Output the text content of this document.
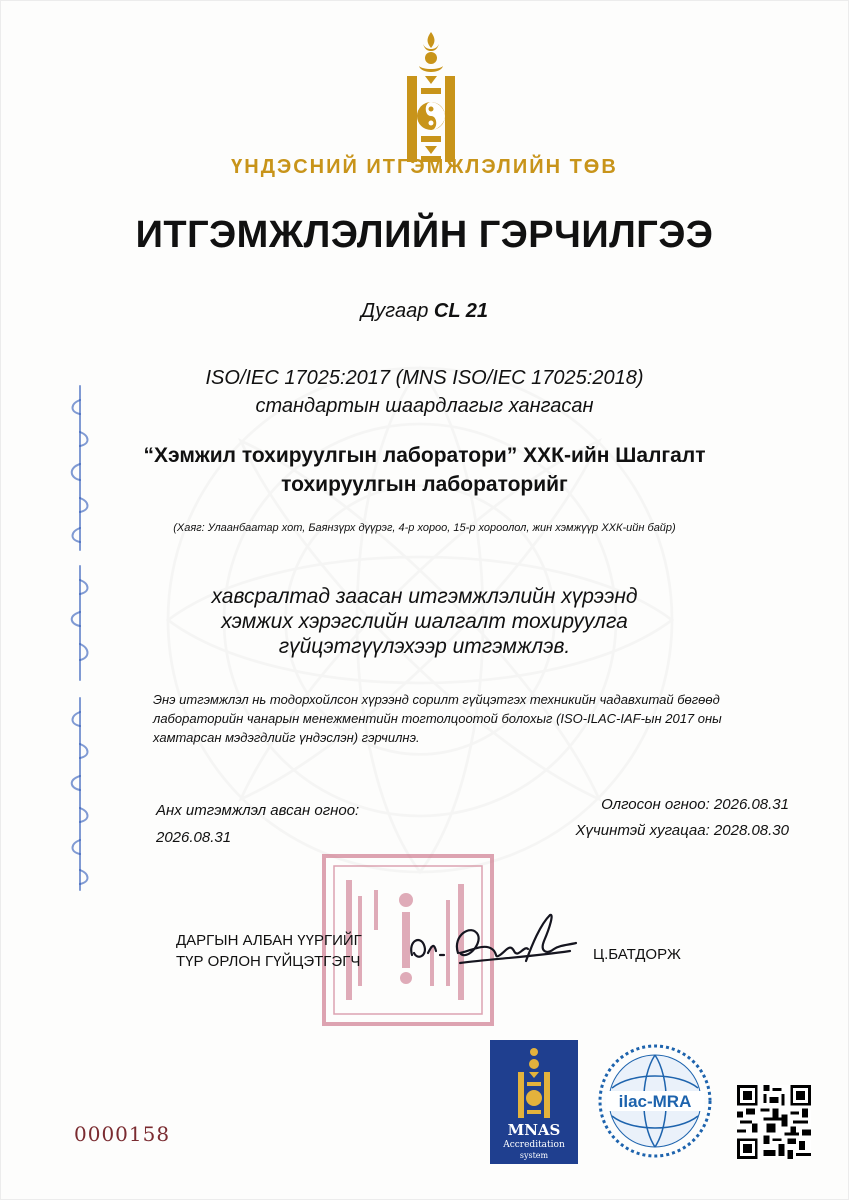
ҮНДЭСНИЙ ИТГЭМЖЛЭЛИЙН ТӨВ
ИТГЭМЖЛЭЛИЙН ГЭРЧИЛГЭЭ
Дугаар CL 21
ISO/IEC 17025:2017 (MNS ISO/IEC 17025:2018)
стандартын шаардлагыг хангасан
“Хэмжил тохируулгын лаборатори” ХХК-ийн Шалгалт
тохируулгын лабораторийг
(Хаяг: Улаанбаатар хот, Баянзүрх дүүрэг, 4-р хороо, 15-р хороолол, жин хэмжүүр ХХК-ийн байр)
хавсралтад заасан итгэмжлэлийн хүрээнд
хэмжих хэрэгслийн шалгалт тохируулга
гүйцэтгүүлэхээр итгэмжлэв.
Энэ итгэмжлэл нь тодорхойлсон хүрээнд сорилт гүйцэтгэх техникийн чадавхитай бөгөөд лабораторийн чанарын менежментийн тогтолцоотой болохыг (ISO-ILAC-IAF-ын 2017 оны хамтарсан мэдэгдлийг үндэслэн) гэрчилнэ.
Анх итгэмжлэл авсан огноо:
2026.08.31
Олгосон огноо: 2026.08.31
Хүчинтэй хугацаа: 2028.08.30
ДАРГЫН АЛБАН ҮҮРГИЙГ
ТҮР ОРЛОН ГҮЙЦЭТГЭГЧ	Ц.БАТДОРЖ
0000158	MNAS
Accreditation
system
ilac-MRA
